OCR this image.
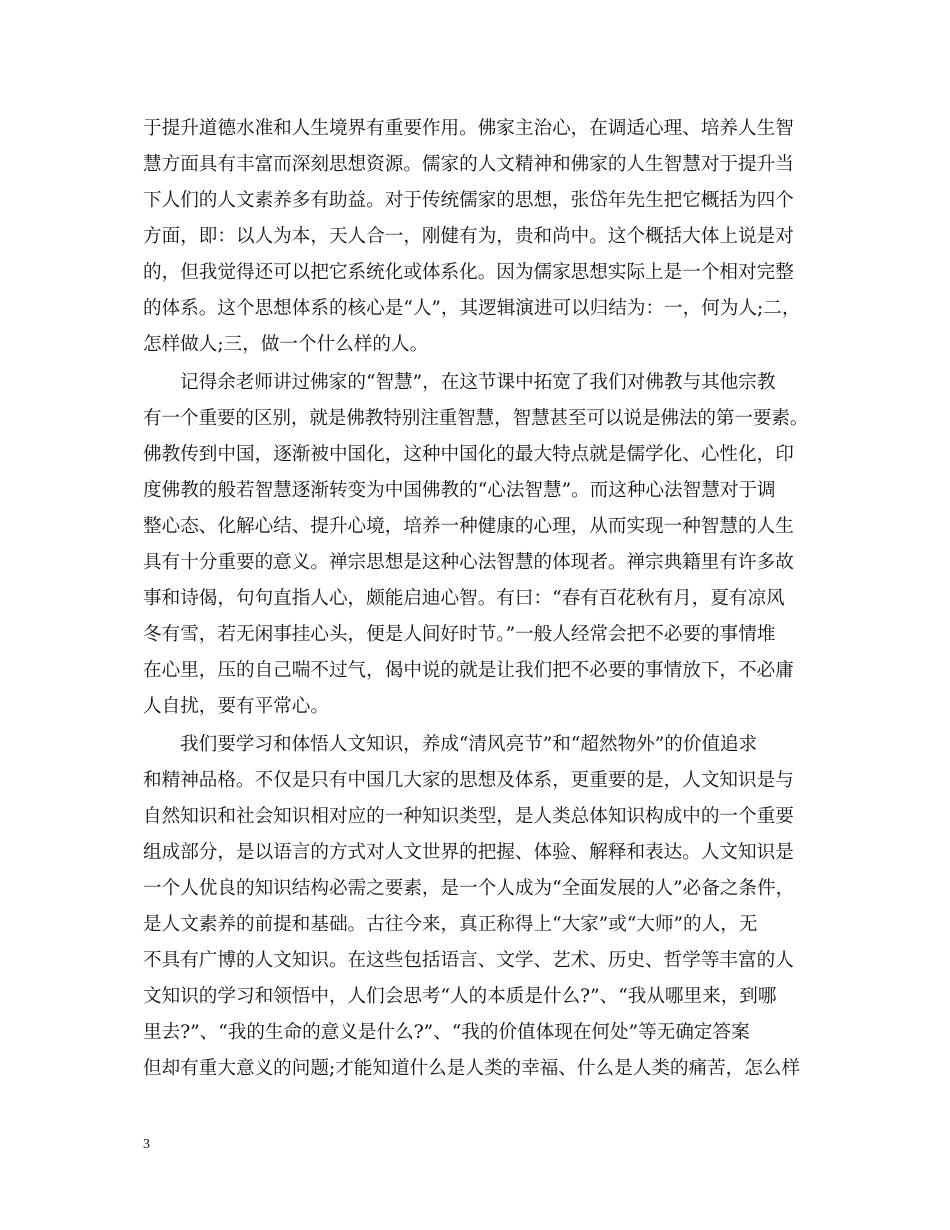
于提升道德水准和人生境界有重要作用。佛家主治心，在调适心理、培养人生智
慧方面具有丰富而深刻思想资源。儒家的人文精神和佛家的人生智慧对于提升当
下人们的人文素养多有助益。对于传统儒家的思想，张岱年先生把它概括为四个
方面，即：以人为本，天人合一，刚健有为，贵和尚中。这个概括大体上说是对
的，但我觉得还可以把它系统化或体系化。因为儒家思想实际上是一个相对完整
的体系。这个思想体系的核心是“人”，其逻辑演进可以归结为：一，何为人;二，
怎样做人;三，做一个什么样的人。
记得余老师讲过佛家的“智慧”，在这节课中拓宽了我们对佛教与其他宗教
有一个重要的区别，就是佛教特别注重智慧，智慧甚至可以说是佛法的第一要素。
佛教传到中国，逐渐被中国化，这种中国化的最大特点就是儒学化、心性化，印
度佛教的般若智慧逐渐转变为中国佛教的“心法智慧”。而这种心法智慧对于调
整心态、化解心结、提升心境，培养一种健康的心理，从而实现一种智慧的人生
具有十分重要的意义。禅宗思想是这种心法智慧的体现者。禅宗典籍里有许多故
事和诗偈，句句直指人心，颇能启迪心智。有曰：“春有百花秋有月，夏有凉风
冬有雪，若无闲事挂心头，便是人间好时节。”一般人经常会把不必要的事情堆
在心里，压的自己喘不过气，偈中说的就是让我们把不必要的事情放下，不必庸
人自扰，要有平常心。
我们要学习和体悟人文知识，养成“清风亮节”和“超然物外”的价值追求
和精神品格。不仅是只有中国几大家的思想及体系，更重要的是，人文知识是与
自然知识和社会知识相对应的一种知识类型，是人类总体知识构成中的一个重要
组成部分，是以语言的方式对人文世界的把握、体验、解释和表达。人文知识是
一个人优良的知识结构必需之要素，是一个人成为“全面发展的人”必备之条件，
是人文素养的前提和基础。古往今来，真正称得上“大家”或“大师”的人，无
不具有广博的人文知识。在这些包括语言、文学、艺术、历史、哲学等丰富的人
文知识的学习和领悟中，人们会思考“人的本质是什么?”、“我从哪里来，到哪
里去?”、“我的生命的意义是什么?”、“我的价值体现在何处”等无确定答案
但却有重大意义的问题;才能知道什么是人类的幸福、什么是人类的痛苦，怎么样
3
